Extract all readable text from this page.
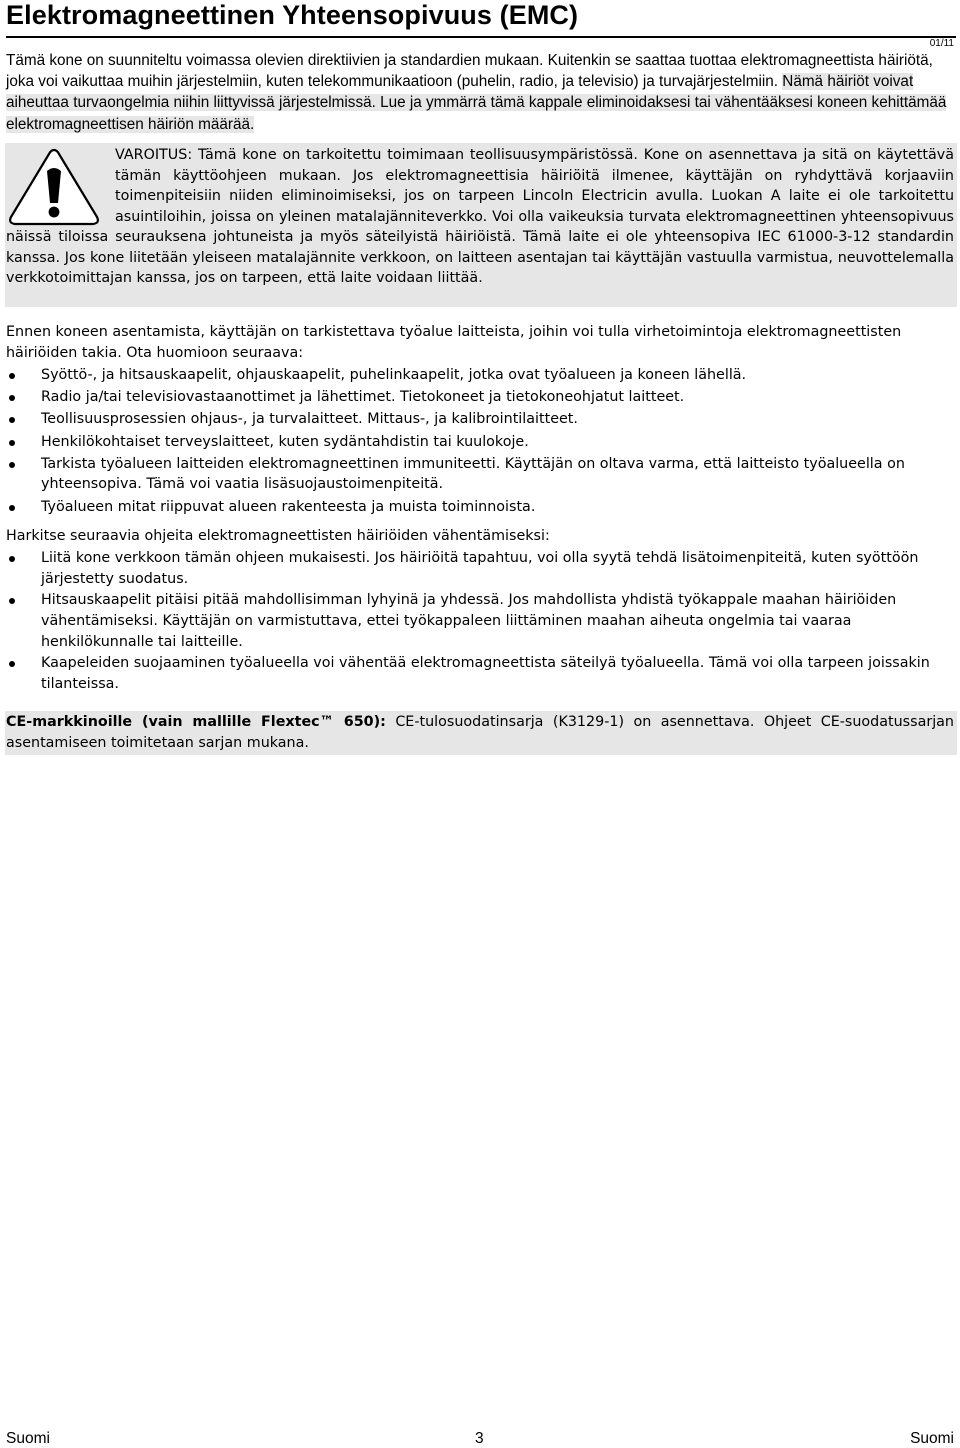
Elektromagneettinen Yhteensopivuus (EMC)

Tämä kone on suunniteltu voimassa olevien direktiivien ja standardien mukaan. Kuitenkin se saattaa tuottaa elektromagneettista häiriötä, joka voi vaikuttaa muihin järjestelmiin, kuten telekommunikaatioon (puhelin, radio, ja televisio) ja turvajärjestelmiin. Nämä häiriöt voivat aiheuttaa turvaongelmia niihin liittyvissä järjestelmissä. Lue ja ymmärrä tämä kappale eliminoidaksesi tai vähentääksesi koneen kehittämää elektromagneettisen häiriön määrää.

01/11

VAROITUS: Tämä kone on tarkoitettu toimimaan teollisuusympäristössä. Kone on asennettava ja sitä on käytettävä tämän käyttöohjeen mukaan. Jos elektromagneettisia häiriöitä ilmenee, käyttäjän on ryhdyttävä korjaaviin toimenpiteisiin niiden eliminoimiseksi, jos on tarpeen Lincoln Electricin avulla. Luokan A laite ei ole tarkoitettu asuintiloihin, joissa on yleinen matalajänniteverkko. Voi olla vaikeuksia turvata elektromagneettinen yhteensopivuus näissä tiloissa seurauksena johtuneista ja myös säteilyistä häiriöistä. Tämä laite ei ole yhteensopiva IEC 61000-3-12 standardin kanssa. Jos kone liitetään yleiseen matalajännite verkkoon, on laitteen asentajan tai käyttäjän vastuulla varmistua, neuvottelemalla verkkotoimittajan kanssa, jos on tarpeen, että laite voidaan liittää.

Ennen koneen asentamista, käyttäjän on tarkistettava työalue laitteista, joihin voi tulla virhetoimintoja elektromagneettisten häiriöiden takia. Ota huomioon seuraava:

Syöttö-, ja hitsauskaapelit, ohjauskaapelit, puhelinkaapelit, jotka ovat työalueen ja koneen lähellä.
Radio ja/tai televisiovastaanottimet ja lähettimet. Tietokoneet ja tietokoneohjatut laitteet.
Teollisuusprosessien ohjaus-, ja turvalaitteet. Mittaus-, ja kalibrointilaitteet.
Henkilökohtaiset terveyslaitteet, kuten sydäntahdistin tai kuulokoje.
Tarkista työalueen laitteiden elektromagneettinen immuniteetti. Käyttäjän on oltava varma, että laitteisto työalueella on yhteensopiva. Tämä voi vaatia lisäsuojaustoimenpiteitä.
Työalueen mitat riippuvat alueen rakenteesta ja muista toiminnoista.

Harkitse seuraavia ohjeita elektromagneettisten häiriöiden vähentämiseksi:

Liitä kone verkkoon tämän ohjeen mukaisesti. Jos häiriöitä tapahtuu, voi olla syytä tehdä lisätoimenpiteitä, kuten syöttöön järjestetty suodatus.
Hitsauskaapelit pitäisi pitää mahdollisimman lyhyinä ja yhdessä. Jos mahdollista yhdistä työkappale maahan häiriöiden vähentämiseksi. Käyttäjän on varmistuttava, ettei työkappaleen liittäminen maahan aiheuta ongelmia tai vaaraa henkilökunnalle tai laitteille.
Kaapeleiden suojaaminen työalueella voi vähentää elektromagneettista säteilyä työalueella. Tämä voi olla tarpeen joissakin tilanteissa.

CE-markkinoille (vain mallille Flextec™ 650): CE-tulosuodatinsarja (K3129-1) on asennettava. Ohjeet CE-suodatussarjan asentamiseen toimitetaan sarjan mukana.

Suomi	3	Suomi
